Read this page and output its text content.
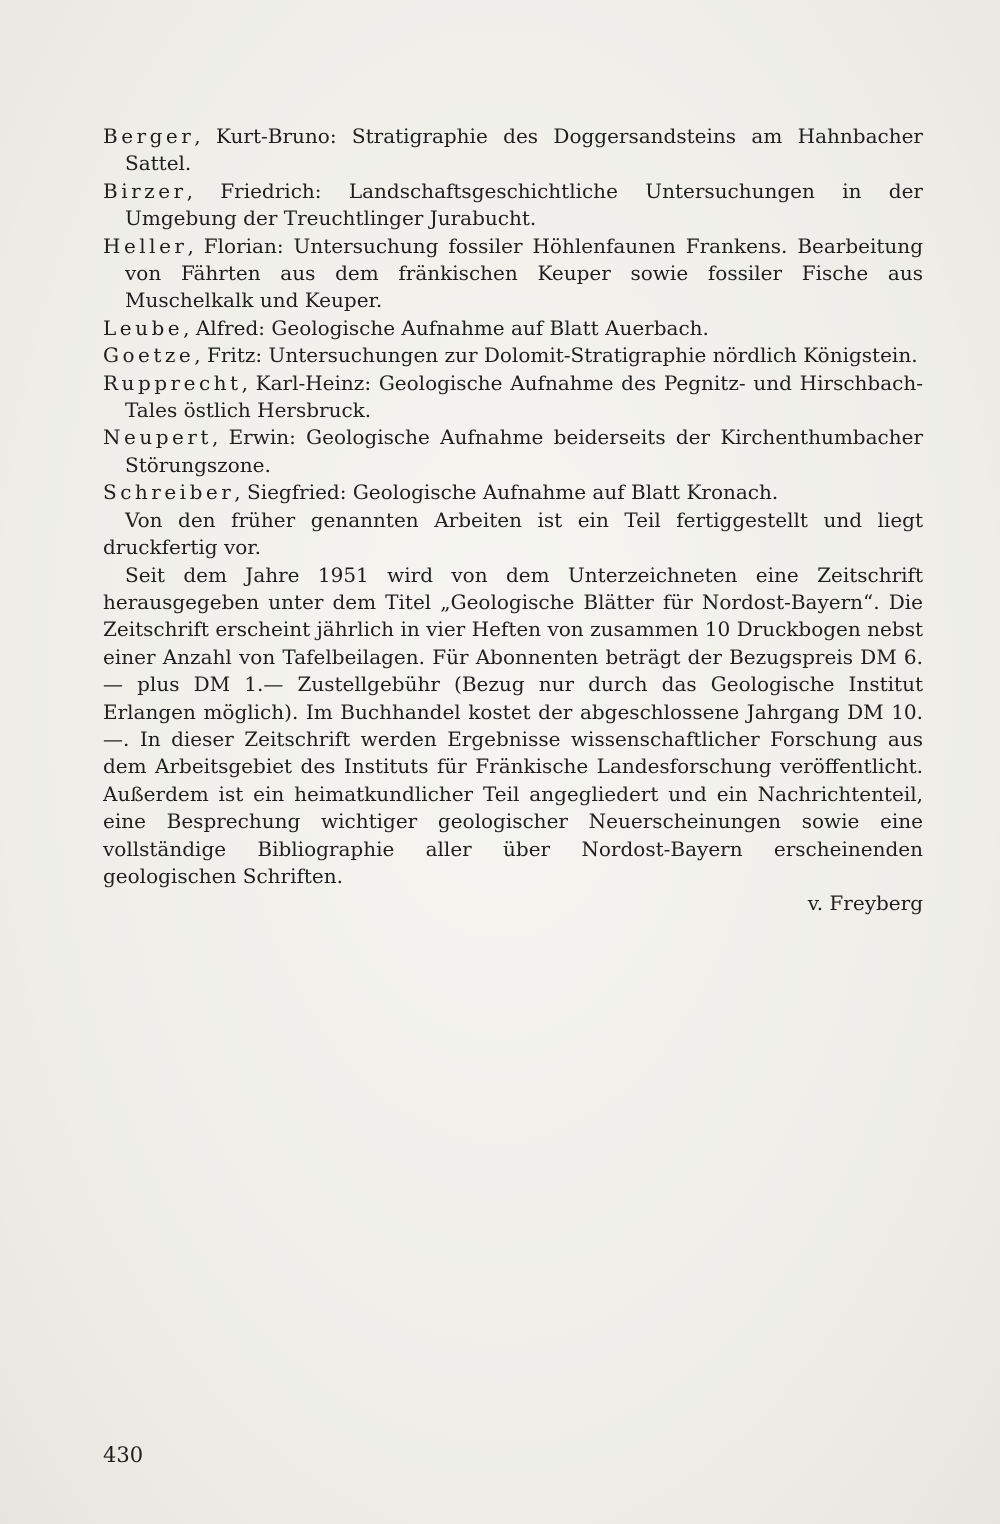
Berger, Kurt-Bruno: Stratigraphie des Doggersandsteins am Hahnbacher Sattel.
Birzer, Friedrich: Landschaftsgeschichtliche Untersuchungen in der Umgebung der Treuchtlinger Jurabucht.
Heller, Florian: Untersuchung fossiler Höhlenfaunen Frankens. Bearbeitung von Fährten aus dem fränkischen Keuper sowie fossiler Fische aus Muschelkalk und Keuper.
Leube, Alfred: Geologische Aufnahme auf Blatt Auerbach.
Goetze, Fritz: Untersuchungen zur Dolomit-Stratigraphie nördlich Königstein.
Rupprecht, Karl-Heinz: Geologische Aufnahme des Pegnitz- und Hirschbach-Tales östlich Hersbruck.
Neupert, Erwin: Geologische Aufnahme beiderseits der Kirchenthumbacher Störungszone.
Schreiber, Siegfried: Geologische Aufnahme auf Blatt Kronach.

Von den früher genannten Arbeiten ist ein Teil fertiggestellt und liegt druckfertig vor.

Seit dem Jahre 1951 wird von dem Unterzeichneten eine Zeitschrift herausgegeben unter dem Titel „Geologische Blätter für Nordost-Bayern“. Die Zeitschrift erscheint jährlich in vier Heften von zusammen 10 Druckbogen nebst einer Anzahl von Tafelbeilagen. Für Abonnenten beträgt der Bezugspreis DM 6.— plus DM 1.— Zustellgebühr (Bezug nur durch das Geologische Institut Erlangen möglich). Im Buchhandel kostet der abgeschlossene Jahrgang DM 10.—. In dieser Zeitschrift werden Ergebnisse wissenschaftlicher Forschung aus dem Arbeitsgebiet des Instituts für Fränkische Landesforschung veröffentlicht. Außerdem ist ein heimatkundlicher Teil angegliedert und ein Nachrichtenteil, eine Besprechung wichtiger geologischer Neuerscheinungen sowie eine vollständige Bibliographie aller über Nordost-Bayern erscheinenden geologischen Schriften.

v. Freyberg
430
